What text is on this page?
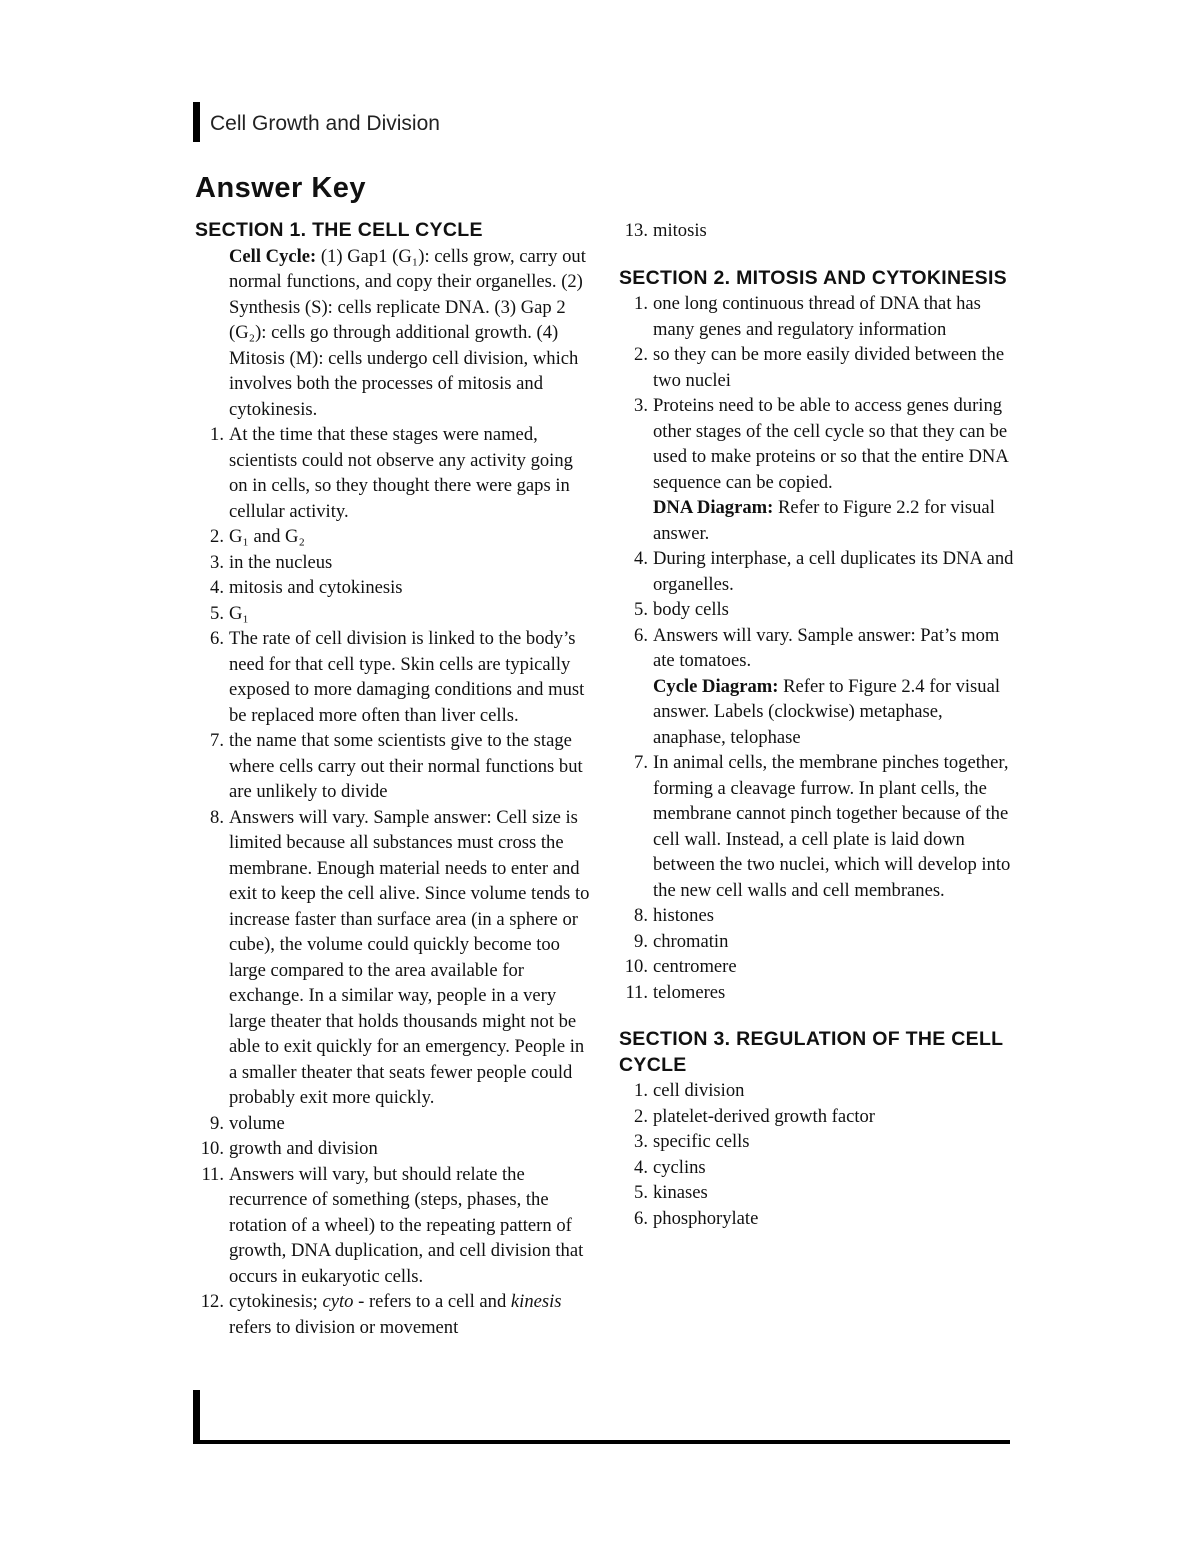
Cell Growth and Division
Answer Key
SECTION 1. THE CELL CYCLE
Cell Cycle: (1) Gap1 (G₁): cells grow, carry out normal functions, and copy their organelles. (2) Synthesis (S): cells replicate DNA. (3) Gap 2 (G₂): cells go through additional growth. (4) Mitosis (M): cells undergo cell division, which involves both the processes of mitosis and cytokinesis.
1. At the time that these stages were named, scientists could not observe any activity going on in cells, so they thought there were gaps in cellular activity.
2. G₁ and G₂
3. in the nucleus
4. mitosis and cytokinesis
5. G₁
6. The rate of cell division is linked to the body’s need for that cell type. Skin cells are typically exposed to more damaging conditions and must be replaced more often than liver cells.
7. the name that some scientists give to the stage where cells carry out their normal functions but are unlikely to divide
8. Answers will vary. Sample answer: Cell size is limited because all substances must cross the membrane. Enough material needs to enter and exit to keep the cell alive. Since volume tends to increase faster than surface area (in a sphere or cube), the volume could quickly become too large compared to the area available for exchange. In a similar way, people in a very large theater that holds thousands might not be able to exit quickly for an emergency. People in a smaller theater that seats fewer people could probably exit more quickly.
9. volume
10. growth and division
11. Answers will vary, but should relate the recurrence of something (steps, phases, the rotation of a wheel) to the repeating pattern of growth, DNA duplication, and cell division that occurs in eukaryotic cells.
12. cytokinesis; cyto - refers to a cell and kinesis refers to division or movement
13. mitosis
SECTION 2. MITOSIS AND CYTOKINESIS
1. one long continuous thread of DNA that has many genes and regulatory information
2. so they can be more easily divided between the two nuclei
3. Proteins need to be able to access genes during other stages of the cell cycle so that they can be used to make proteins or so that the entire DNA sequence can be copied.
DNA Diagram: Refer to Figure 2.2 for visual answer.
4. During interphase, a cell duplicates its DNA and organelles.
5. body cells
6. Answers will vary. Sample answer: Pat’s mom ate tomatoes.
Cycle Diagram: Refer to Figure 2.4 for visual answer. Labels (clockwise) metaphase, anaphase, telophase
7. In animal cells, the membrane pinches together, forming a cleavage furrow. In plant cells, the membrane cannot pinch together because of the cell wall. Instead, a cell plate is laid down between the two nuclei, which will develop into the new cell walls and cell membranes.
8. histones
9. chromatin
10. centromere
11. telomeres
SECTION 3. REGULATION OF THE CELL CYCLE
1. cell division
2. platelet-derived growth factor
3. specific cells
4. cyclins
5. kinases
6. phosphorylate
